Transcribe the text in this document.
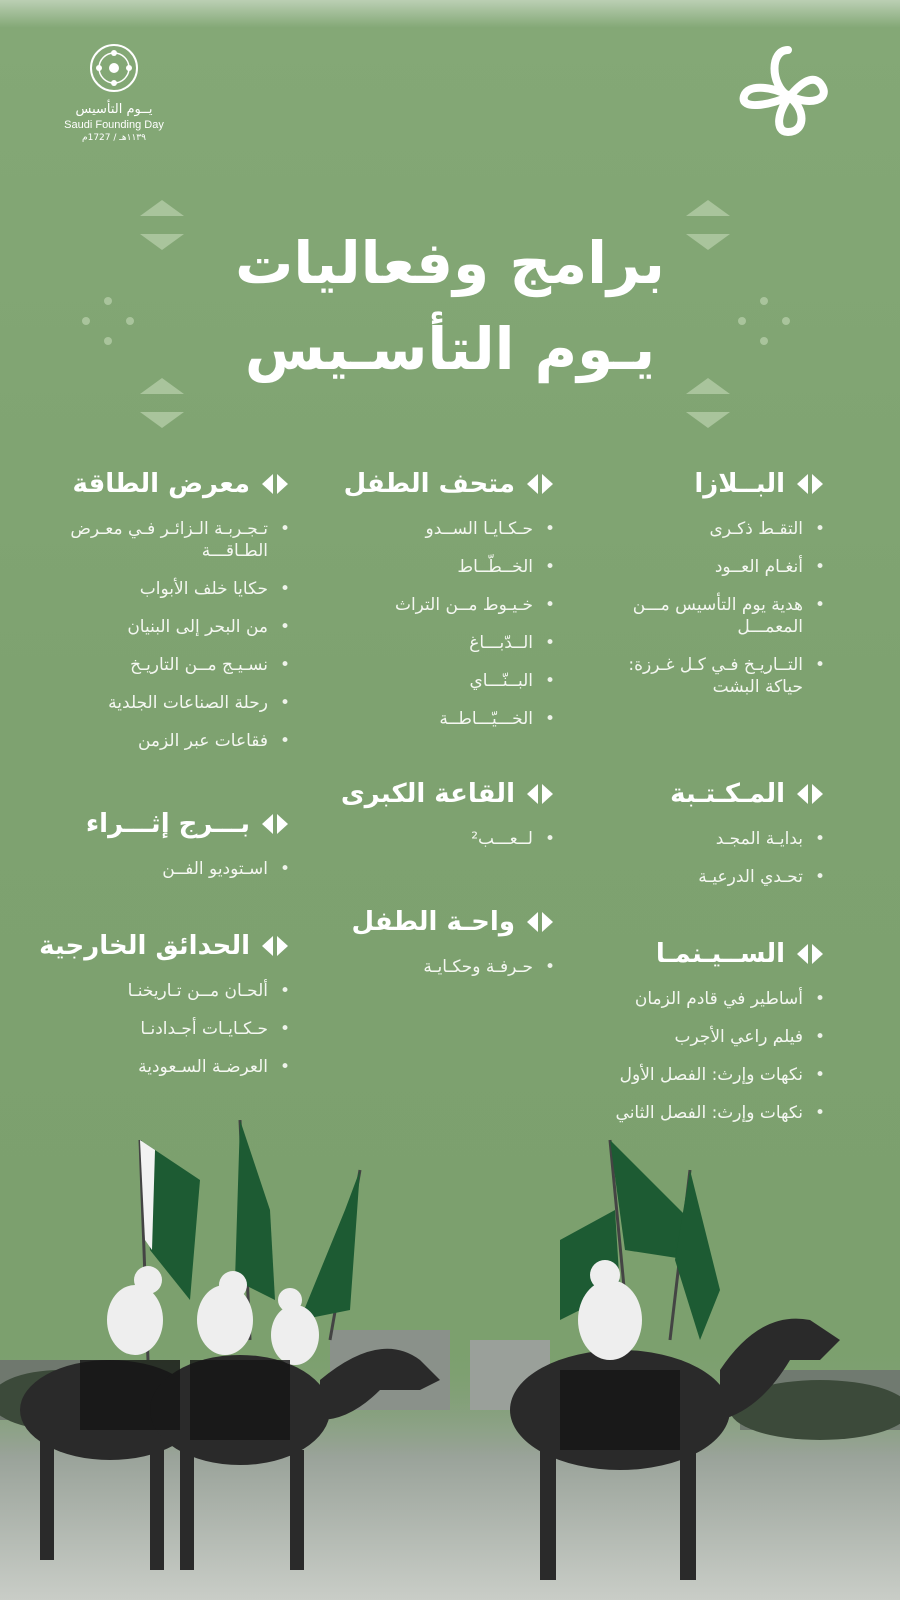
يــوم التأسيس
Saudi Founding Day
١١٣٩هـ / 1727م
برامج وفعاليات
يـوم التأسـيس
البــلازا
• التقـط ذكـرى
• أنغـام العــود
• هدية يوم التأسيس مـــن المعمـــل
• التــاريـخ فـي كـل غـرزة: حياكة البشت
المـكـتـبة
• بدايـة المجـد
• تحـدي الدرعيـة
الســيـنمـا
• أساطير في قادم الزمان
• فيلم راعي الأجرب
• نكهات وإرث: الفصل الأول
• نكهات وإرث: الفصل الثاني
متحف الطفل
• حـكـايـا الســدو
• الخــطّــاط
• خـيـوط مــن التراث
• الــدّبـــاغ
• البــنّـــاي
• الخـــيّـــاطــة
القاعة الكبرى
• لــعـــب²
واحـة الطفل
• حـرفـة وحكـايـة
معرض الطاقة
• تـجـربـة الـزائـر فـي معـرض الطـاقـــة
• حكايا خلف الأبواب
• من البحر إلى البنيان
• نسـيـج مــن التاريـخ
• رحلة الصناعات الجلدية
• فقاعات عبر الزمن
بـــرج إثـــراء
• اسـتوديو الفــن
الحدائق الخارجية
• ألحـان مــن تـاريخنـا
• حـكـايـات أجـدادنـا
• العرضـة السـعودية
